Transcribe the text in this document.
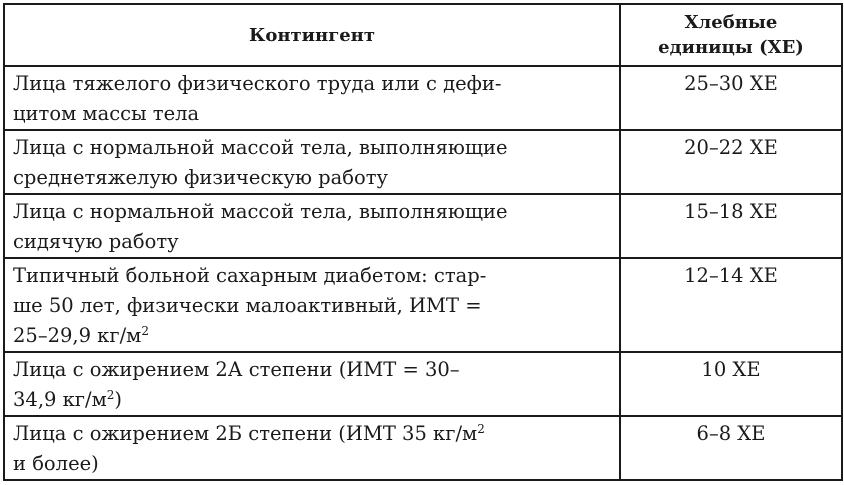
Контингент	Хлебные
единицы (ХЕ)
Лица тяжелого физического труда или с дефи-
цитом массы тела	25–30 ХЕ
Лица с нормальной массой тела, выполняющие
среднетяжелую физическую работу	20–22 ХЕ
Лица с нормальной массой тела, выполняющие
сидячую работу	15–18 ХЕ
Типичный больной сахарным диабетом: стар-
ше 50 лет, физически малоактивный, ИМТ =
25–29,9 $кг/м^2$	12–14 ХЕ
Лица с ожирением 2А степени (ИМТ = 30–
34,9 $кг/м^2$)	10 ХЕ
Лица с ожирением 2Б степени (ИМТ 35 $кг/м^2$
и более)	6–8 ХЕ
